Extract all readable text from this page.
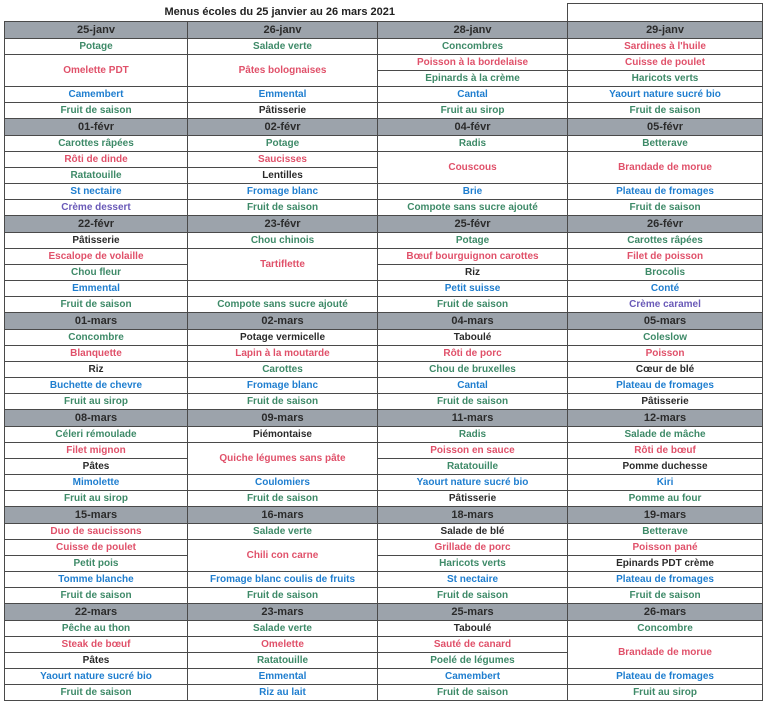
Menus écoles du 25 janvier au 26 mars 2021			
25-janv	26-janv	28-janv	29-janv
Potage	Salade verte	Concombres	Sardines à l'huile
Omelette PDT	Pâtes bolognaises	Poisson à la bordelaise	Cuisse de poulet
		Epinards à la crème	Haricots verts
Camembert	Emmental	Cantal	Yaourt nature sucré bio
Fruit de saison	Pâtisserie	Fruit au sirop	Fruit de saison
01-févr	02-févr	04-févr	05-févr
Carottes râpées	Potage	Radis	Betterave
Rôti de dinde	Saucisses	Couscous	Brandade de morue
Ratatouille	Lentilles		
St nectaire	Fromage blanc	Brie	Plateau de fromages
Crème dessert	Fruit de saison	Compote sans sucre ajouté	Fruit de saison
22-févr	23-févr	25-févr	26-févr
Pâtisserie	Chou chinois	Potage	Carottes râpées
Escalope de volaille	Tartiflette	Bœuf bourguignon carottes	Filet de poisson
Chou fleur		Riz	Brocolis
Emmental		Petit suisse	Conté
Fruit de saison	Compote sans sucre ajouté	Fruit de saison	Crème caramel
01-mars	02-mars	04-mars	05-mars
Concombre	Potage vermicelle	Taboulé	Coleslow
Blanquette	Lapin à la moutarde	Rôti de porc	Poisson
Riz	Carottes	Chou de bruxelles	Cœur de blé
Buchette de chevre	Fromage blanc	Cantal	Plateau de fromages
Fruit au sirop	Fruit de saison	Fruit de saison	Pâtisserie
08-mars	09-mars	11-mars	12-mars
Céleri rémoulade	Piémontaise	Radis	Salade de mâche
Filet mignon	Quiche légumes sans pâte	Poisson en sauce	Rôti de bœuf
Pâtes		Ratatouille	Pomme duchesse
Mimolette	Coulomiers	Yaourt nature sucré bio	Kiri
Fruit au sirop	Fruit de saison	Pâtisserie	Pomme au four
15-mars	16-mars	18-mars	19-mars
Duo de saucissons	Salade verte	Salade de blé	Betterave
Cuisse de poulet	Chili con carne	Grillade de porc	Poisson pané
Petit pois		Haricots verts	Epinards PDT crème
Tomme blanche	Fromage blanc coulis de fruits	St nectaire	Plateau de fromages
Fruit de saison	Fruit de saison	Fruit de saison	Fruit de saison
22-mars	23-mars	25-mars	26-mars
Pêche au thon	Salade verte	Taboulé	Concombre
Steak de bœuf	Omelette	Sauté de canard	Brandade de morue
Pâtes	Ratatouille	Poelé de légumes	
Yaourt nature sucré bio	Emmental	Camembert	Plateau de fromages
Fruit de saison	Riz au lait	Fruit de saison	Fruit au sirop
